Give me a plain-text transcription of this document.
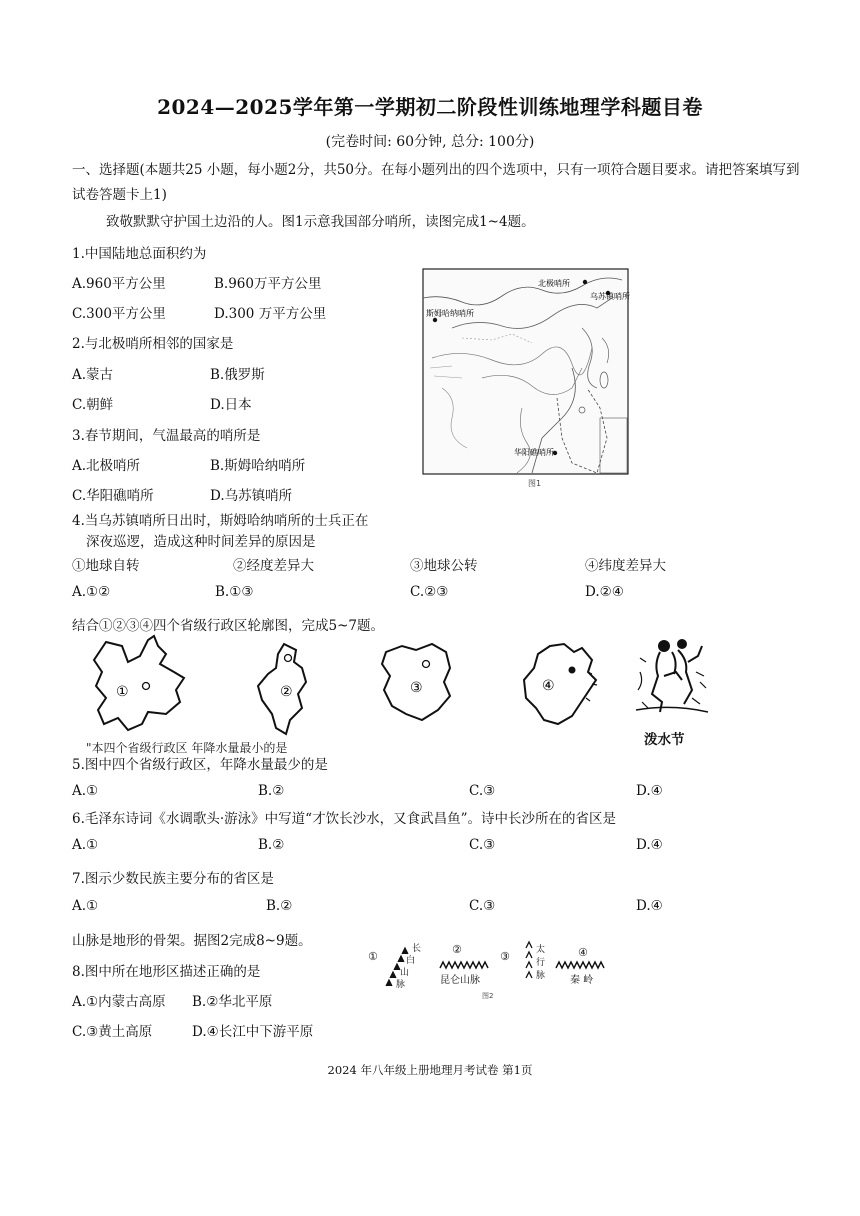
2024—2025学年第一学期初二阶段性训练地理学科题目卷
(完卷时间: 60分钟, 总分: 100分)
一、选择题(本题共25 小题，每小题2分，共50分。在每小题列出的四个选项中，只有一项符合题目要求。请把答案填写到试卷答题卡上1)
致敬默默守护国土边沿的人。图1示意我国部分哨所，读图完成1~4题。
1.中国陆地总面积约为
A.960平方公里	B.960万平方公里
C.300平方公里	D.300 万平方公里
2.与北极哨所相邻的国家是
A.蒙古	B.俄罗斯
C.朝鲜	D.日本
3.春节期间，气温最高的哨所是
A.北极哨所	B.斯姆哈纳哨所
C.华阳礁哨所	D.乌苏镇哨所
北极哨所
乌苏镇哨所
斯姆哈纳哨所
华阳礁哨所
图1
4.当乌苏镇哨所日出时，斯姆哈纳哨所的士兵正在
深夜巡逻，造成这种时间差异的原因是
①地球自转	②经度差异大	③地球公转	④纬度差异大
A.①②	B.①③	C.②③	D.②④
结合①②③④四个省级行政区轮廓图，完成5~7题。
①	②	③	④
泼水节
"本四个省级行政区 年降水量最小的是
5.图中四个省级行政区，年降水量最少的是
A.①	B.②	C.③	D.④
6.毛泽东诗词《水调歌头·游泳》中写道“才饮长沙水，又食武昌鱼”。诗中长沙所在的省区是
A.①	B.②	C.③	D.④
7.图示少数民族主要分布的省区是
A.①	B.②	C.③	D.④
山脉是地形的骨架。据图2完成8~9题。
8.图中所在地形区描述正确的是
A.①内蒙古高原 B.②华北平原
C.③黄土高原	D.④长江中下游平原
①
②
③	④
长
白
山
脉	昆仑山脉
太
行
脉 秦 岭
图2
2024 年八年级上册地理月考试卷 第1页
